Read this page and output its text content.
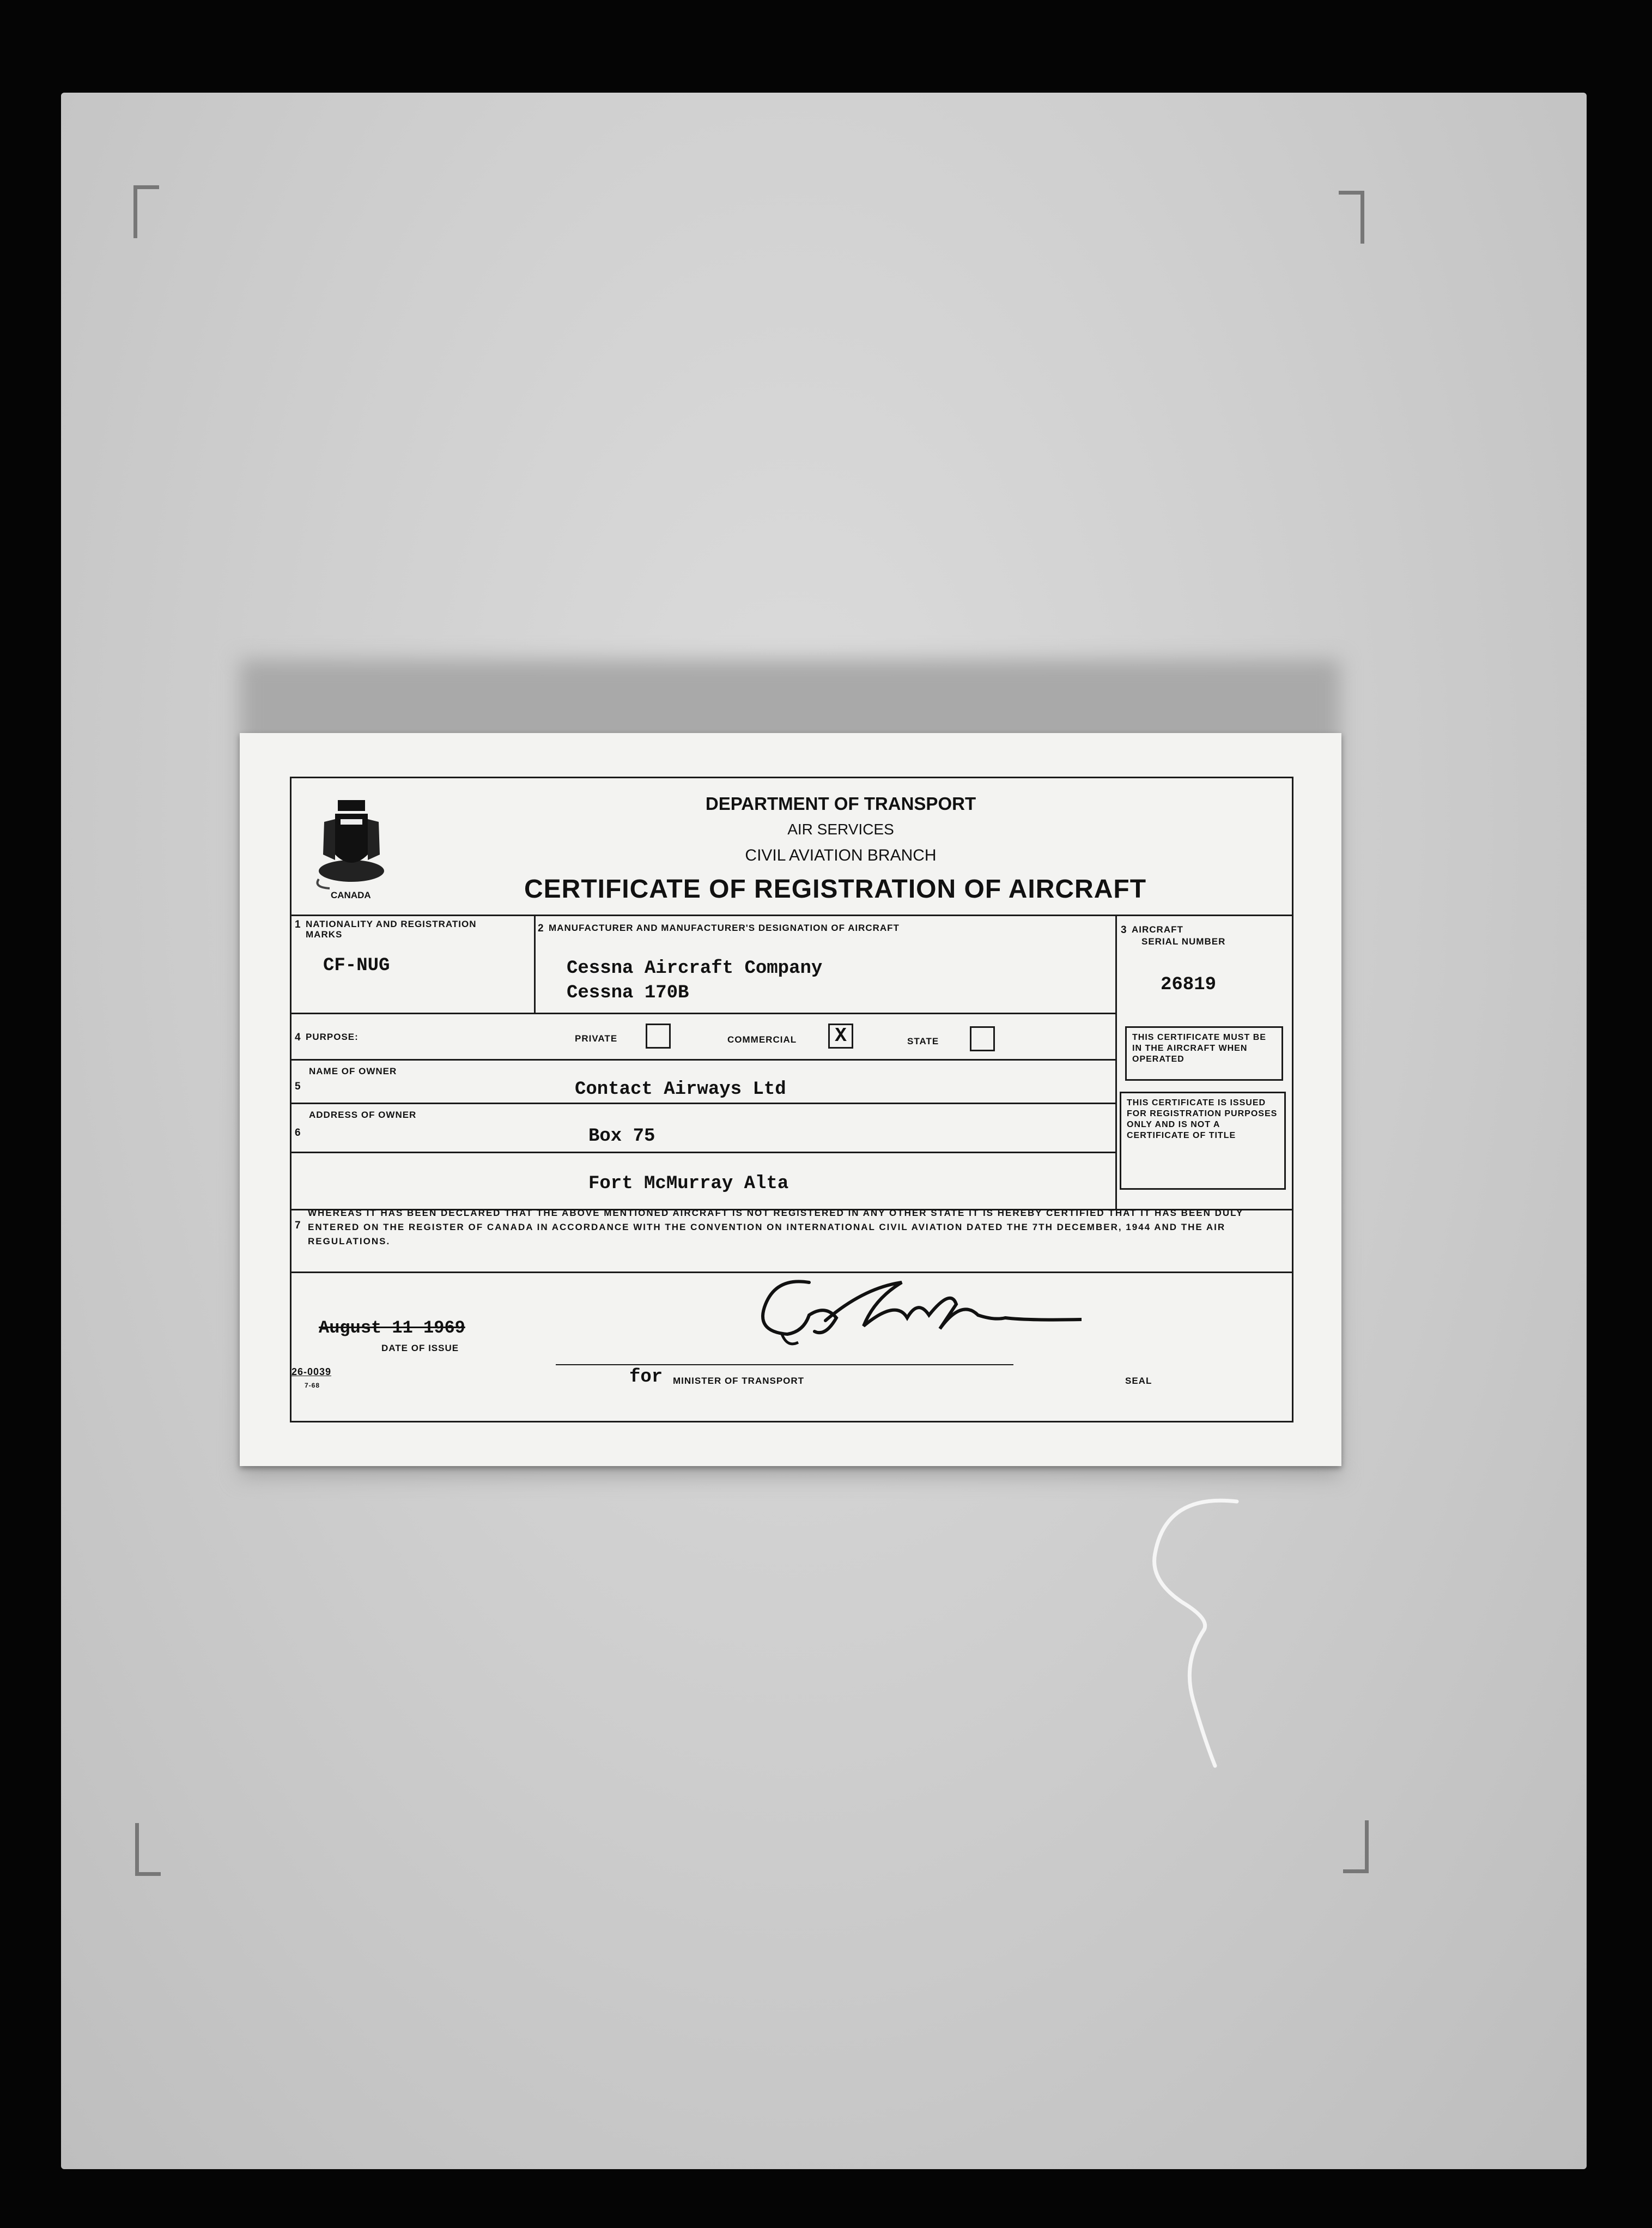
CANADA
DEPARTMENT OF TRANSPORT
AIR SERVICES
CIVIL AVIATION BRANCH
CERTIFICATE OF REGISTRATION OF AIRCRAFT
1 NATIONALITY AND REGISTRATION MARKS
CF-NUG
2 MANUFACTURER AND MANUFACTURER'S DESIGNATION OF AIRCRAFT
Cessna Aircraft Company
Cessna 170B
3 AIRCRAFT
SERIAL NUMBER
26819
4 PURPOSE:	PRIVATE	COMMERCIAL X	STATE
NAME OF OWNER
5	Contact Airways Ltd
ADDRESS OF OWNER
6	Box 75
Fort McMurray Alta
THIS CERTIFICATE MUST BE IN THE AIRCRAFT WHEN OPERATED
THIS CERTIFICATE IS ISSUED FOR REGISTRATION PURPOSES ONLY AND IS NOT A CERTIFICATE OF TITLE
7
WHEREAS IT HAS BEEN DECLARED THAT THE ABOVE MENTIONED AIRCRAFT IS NOT REGISTERED IN ANY OTHER STATE IT IS HEREBY CERTIFIED THAT IT HAS BEEN DULY ENTERED ON THE REGISTER OF CANADA IN ACCORDANCE WITH THE CONVENTION ON INTERNATIONAL CIVIL AVIATION DATED THE 7TH DECEMBER, 1944 AND THE AIR REGULATIONS.
August 11 1969
DATE OF ISSUE
26-0039
7-68	for MINISTER OF TRANSPORT	SEAL
